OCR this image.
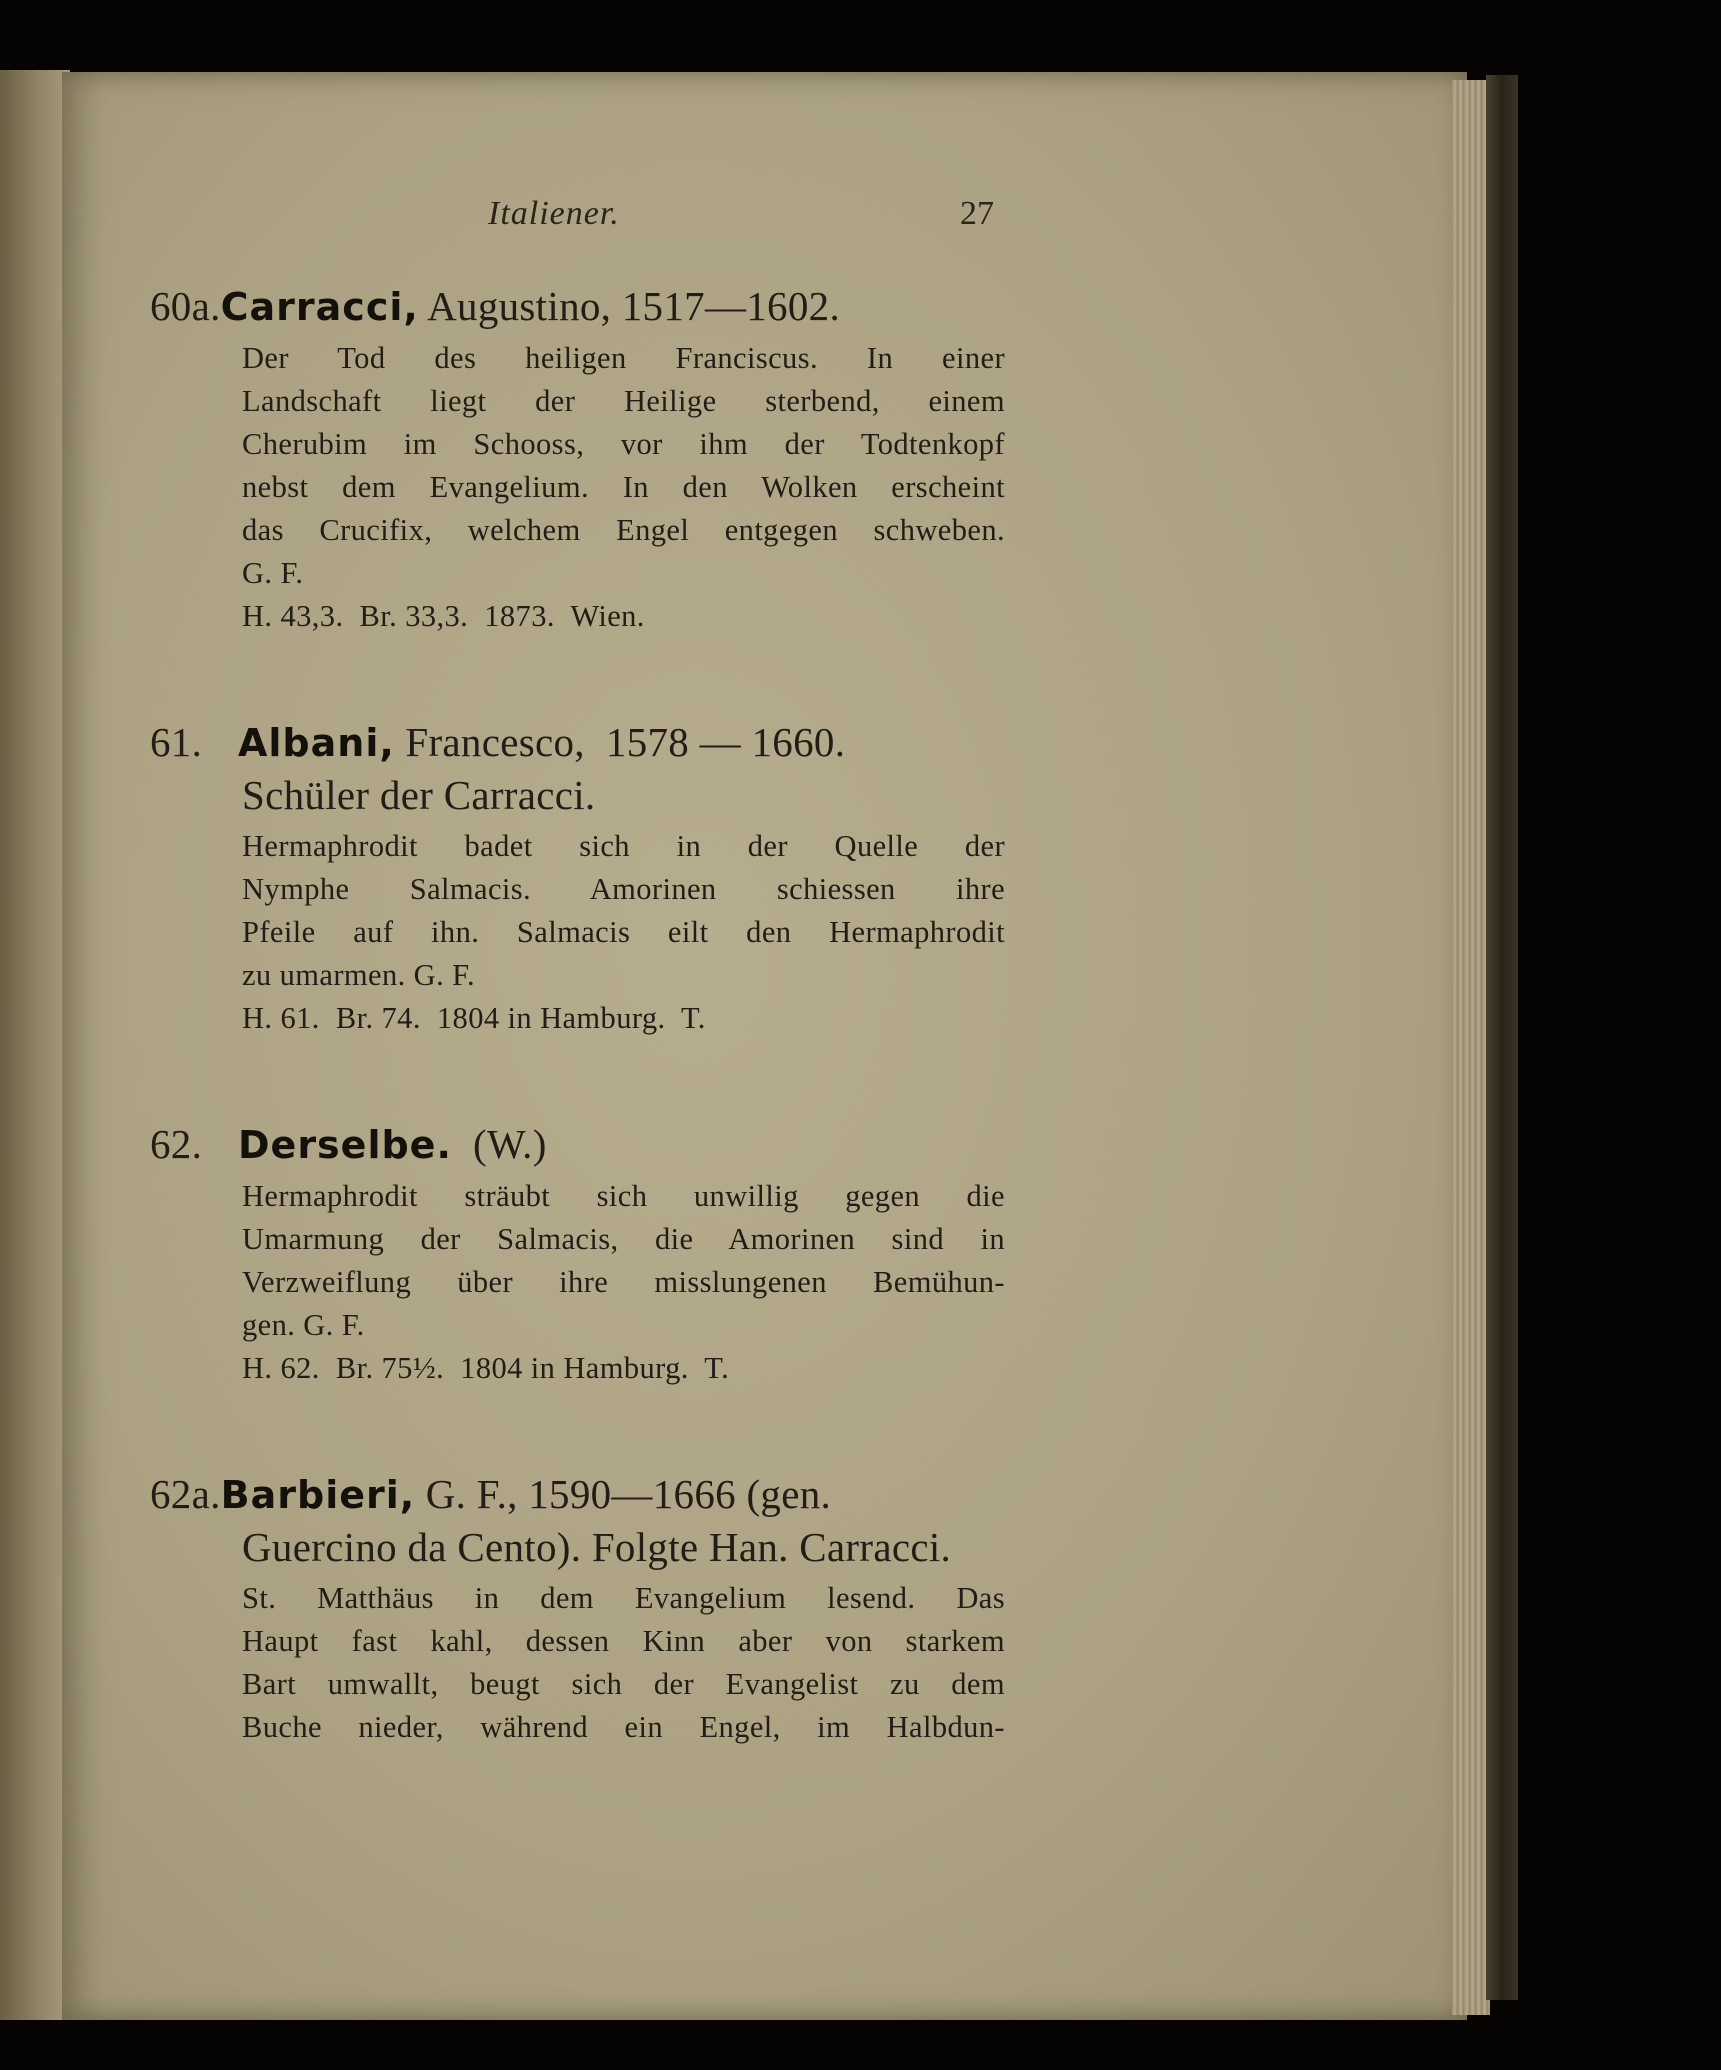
Italiener.	27
60a.Carracci, Augustino, 1517—1602.
Der Tod des heiligen Franciscus. In einer
Landschaft liegt der Heilige sterbend, einem
Cherubim im Schooss, vor ihm der Todtenkopf
nebst dem Evangelium. In den Wolken erscheint
das Crucifix, welchem Engel entgegen schweben.
G. F.
H. 43,3.  Br. 33,3.  1873.  Wien.
61. Albani, Francesco,  1578 — 1660.
Schüler der Carracci.
Hermaphrodit badet sich in der Quelle der
Nymphe Salmacis. Amorinen schiessen ihre
Pfeile auf ihn. Salmacis eilt den Hermaphrodit
zu umarmen. G. F.
H. 61.  Br. 74.  1804 in Hamburg.  T.
62. Derselbe.  (W.)
Hermaphrodit sträubt sich unwillig gegen die
Umarmung der Salmacis, die Amorinen sind in
Verzweiflung über ihre misslungenen Bemühun-
gen. G. F.
H. 62.  Br. 75½.  1804 in Hamburg.  T.
62a.Barbieri, G. F., 1590—1666 (gen.
Guercino da Cento). Folgte Han. Carracci.
St. Matthäus in dem Evangelium lesend. Das
Haupt fast kahl, dessen Kinn aber von starkem
Bart umwallt, beugt sich der Evangelist zu dem
Buche nieder, während ein Engel, im Halbdun-
